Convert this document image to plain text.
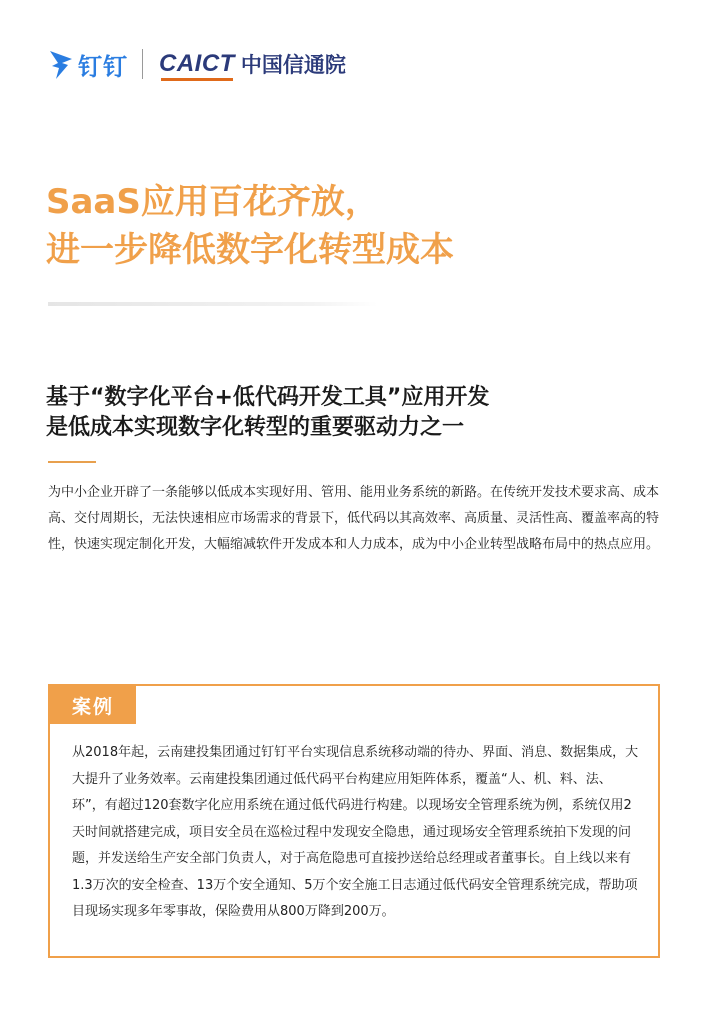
钉钉 CAICT 中国信通院
SaaS应用百花齐放，
进一步降低数字化转型成本
基于“数字化平台+低代码开发工具”应用开发
是低成本实现数字化转型的重要驱动力之一
为中小企业开辟了一条能够以低成本实现好用、管用、能用业务系统的新路。在传统开发技术要求高、成本高、交付周期长，无法快速相应市场需求的背景下，低代码以其高效率、高质量、灵活性高、覆盖率高的特性，快速实现定制化开发，大幅缩减软件开发成本和人力成本，成为中小企业转型战略布局中的热点应用。
案例
从2018年起，云南建投集团通过钉钉平台实现信息系统移动端的待办、界面、消息、数据集成，大大提升了业务效率。云南建投集团通过低代码平台构建应用矩阵体系，覆盖“人、机、料、法、环”，有超过120套数字化应用系统在通过低代码进行构建。以现场安全管理系统为例，系统仅用2天时间就搭建完成，项目安全员在巡检过程中发现安全隐患，通过现场安全管理系统拍下发现的问题，并发送给生产安全部门负责人，对于高危隐患可直接抄送给总经理或者董事长。自上线以来有1.3万次的安全检查、13万个安全通知、5万个安全施工日志通过低代码安全管理系统完成，帮助项目现场实现多年零事故，保险费用从800万降到200万。
